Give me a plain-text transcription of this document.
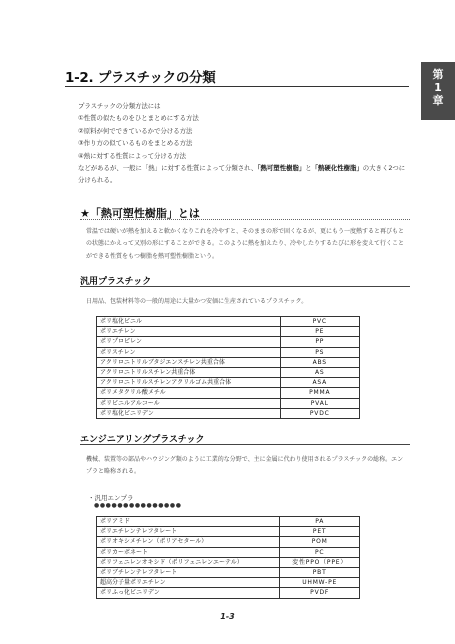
第
1
章
1-2. プラスチックの分類
プラスチックの分類方法には
①性質の似たものをひとまとめにする方法
②原料が何でできているかで分ける方法
③作り方の似ているものをまとめる方法
④熱に対する性質によって分ける方法
などがあるが、一般に「熱」に対する性質によって分類され、「熱可塑性樹脂」と「熱硬化性樹脂」の大きく2つに分けられる。
★「熱可塑性樹脂」とは
常温では硬いが熱を加えると軟かくなりこれを冷やすと、そのままの形で固くなるが、更にもう一度熱すると再びもとの状態にかえって又別の形にすることができる。このように熱を加えたり、冷やしたりするたびに形を変えて行くことができる性質をもつ樹脂を熱可塑性樹脂という。
汎用プラスチック
日用品、包装材料等の一般的用途に大量かつ安価に生産されているプラスチック。
ポリ塩化ビニル	PVC
ポリエチレン	PE
ポリプロピレン	PP
ポリスチレン	PS
アクリロニトリルブタジエンスチレン共重合体	ABS
アクリロニトリルスチレン共重合体	AS
アクリロニトリルスチレンアクリルゴム共重合体	ASA
ポリメタクリル酸メチル	PMMA
ポリビニルアルコール	PVAL
ポリ塩化ビニリデン	PVDC
エンジニアリングプラスチック
機械、装置等の部品やハウジング類のように工業的な分野で、主に金属に代わり使用されるプラスチックの総称。エンプラと略称される。
・汎用エンプラ
●●●●●●●●●●●●●●●
ポリアミド	PA
ポリエチレンテレフタレート	PET
ポリオキシメチレン（ポリアセタール）	POM
ポリカーボネート	PC
ポリフェニレンオキシド（ポリフェニレンエーテル）	変性PPO（PPE）
ポリブチレンテレフタレート	PBT
超高分子量ポリエチレン	UHMW-PE
ポリふっ化ビニリデン	PVDF
1-3
